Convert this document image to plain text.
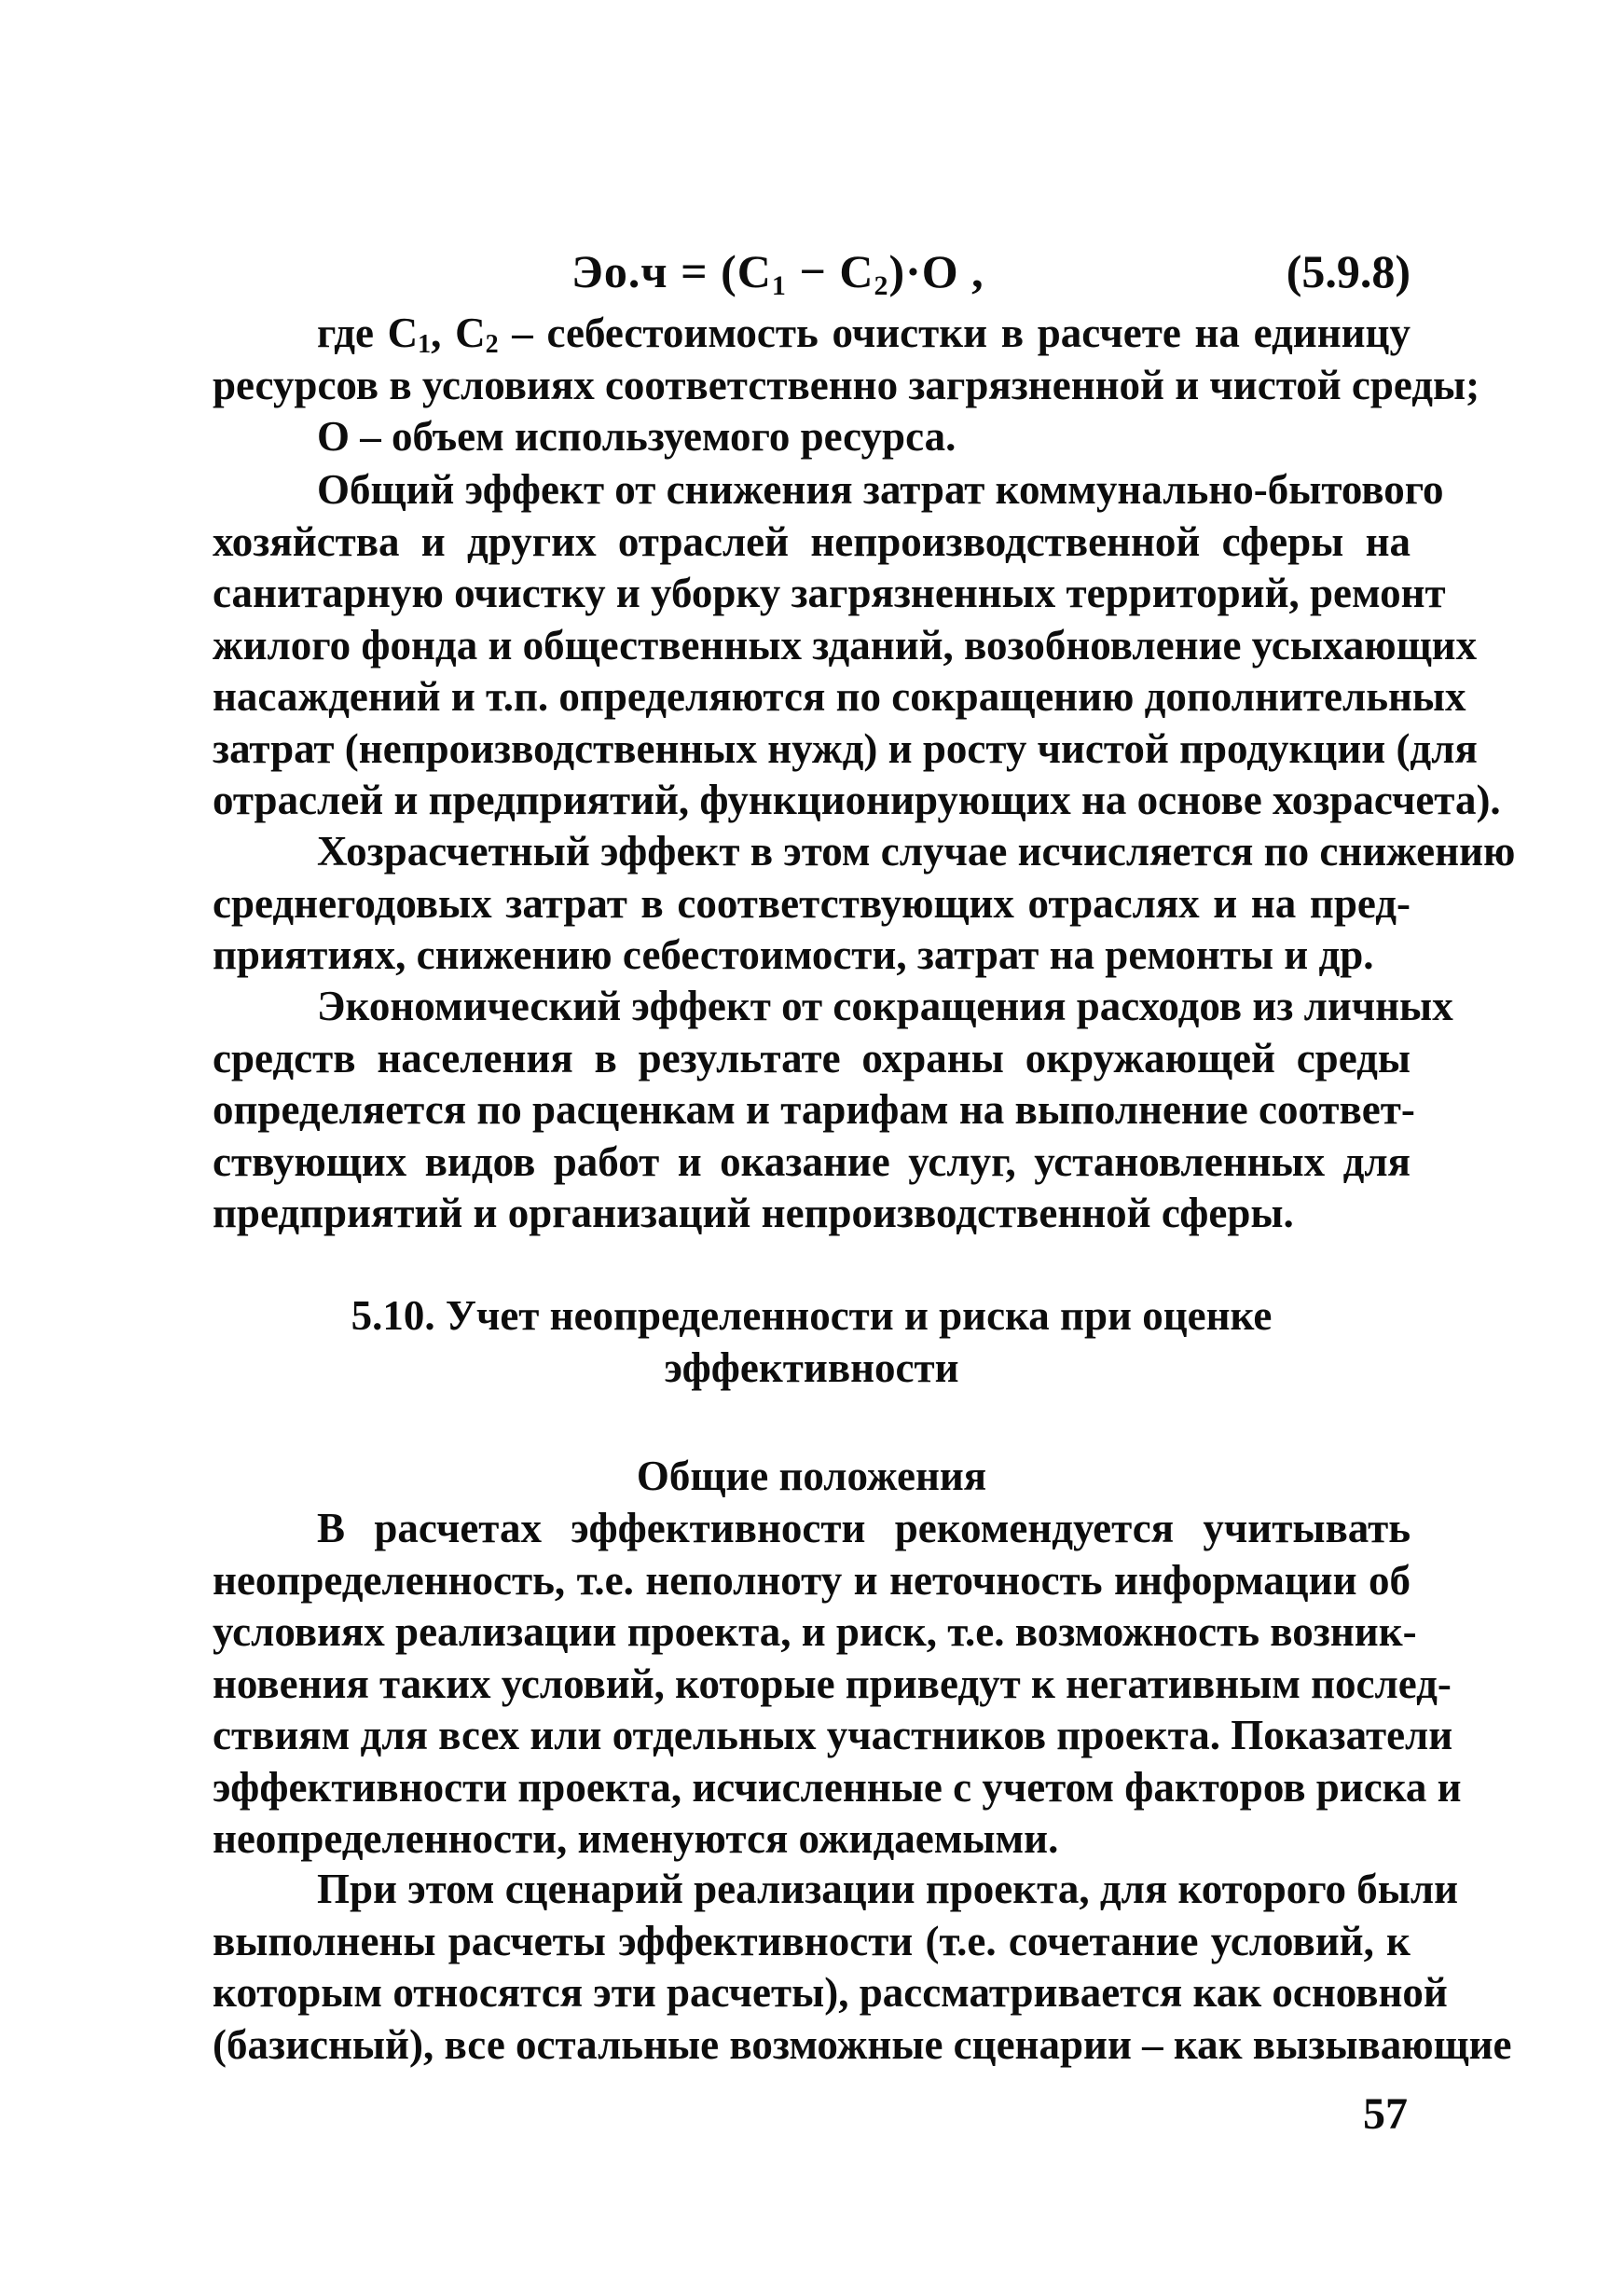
$Эо.ч = (C_1 - C_2)\cdot O$ ,	(5.9.8)
где $C_1$, $C_2$ – себестоимость очистки в расчете на единицу
ресурсов в условиях соответственно загрязненной и чистой среды;
О – объем используемого ресурса.
Общий эффект от снижения затрат коммунально-бытового
хозяйства и других отраслей непроизводственной сферы на
санитарную очистку и уборку загрязненных территорий, ремонт
жилого фонда и общественных зданий, возобновление усыхающих
насаждений и т.п. определяются по сокращению дополнительных
затрат (непроизводственных нужд) и росту чистой продукции (для
отраслей и предприятий, функционирующих на основе хозрасчета).
Хозрасчетный эффект в этом случае исчисляется по снижению
среднегодовых затрат в соответствующих отраслях и на пред-
приятиях, снижению себестоимости, затрат на ремонты и др.
Экономический эффект от сокращения расходов из личных
средств населения в результате охраны окружающей среды
определяется по расценкам и тарифам на выполнение соответ-
ствующих видов работ и оказание услуг, установленных для
предприятий и организаций непроизводственной сферы.
5.10. Учет неопределенности и риска при оценке
эффективности
Общие положения
В расчетах эффективности рекомендуется учитывать
неопределенность, т.е. неполноту и неточность информации об
условиях реализации проекта, и риск, т.е. возможность возник-
новения таких условий, которые приведут к негативным послед-
ствиям для всех или отдельных участников проекта. Показатели
эффективности проекта, исчисленные с учетом факторов риска и
неопределенности, именуются ожидаемыми.
При этом сценарий реализации проекта, для которого были
выполнены расчеты эффективности (т.е. сочетание условий, к
которым относятся эти расчеты), рассматривается как основной
(базисный), все остальные возможные сценарии – как вызывающие
57
